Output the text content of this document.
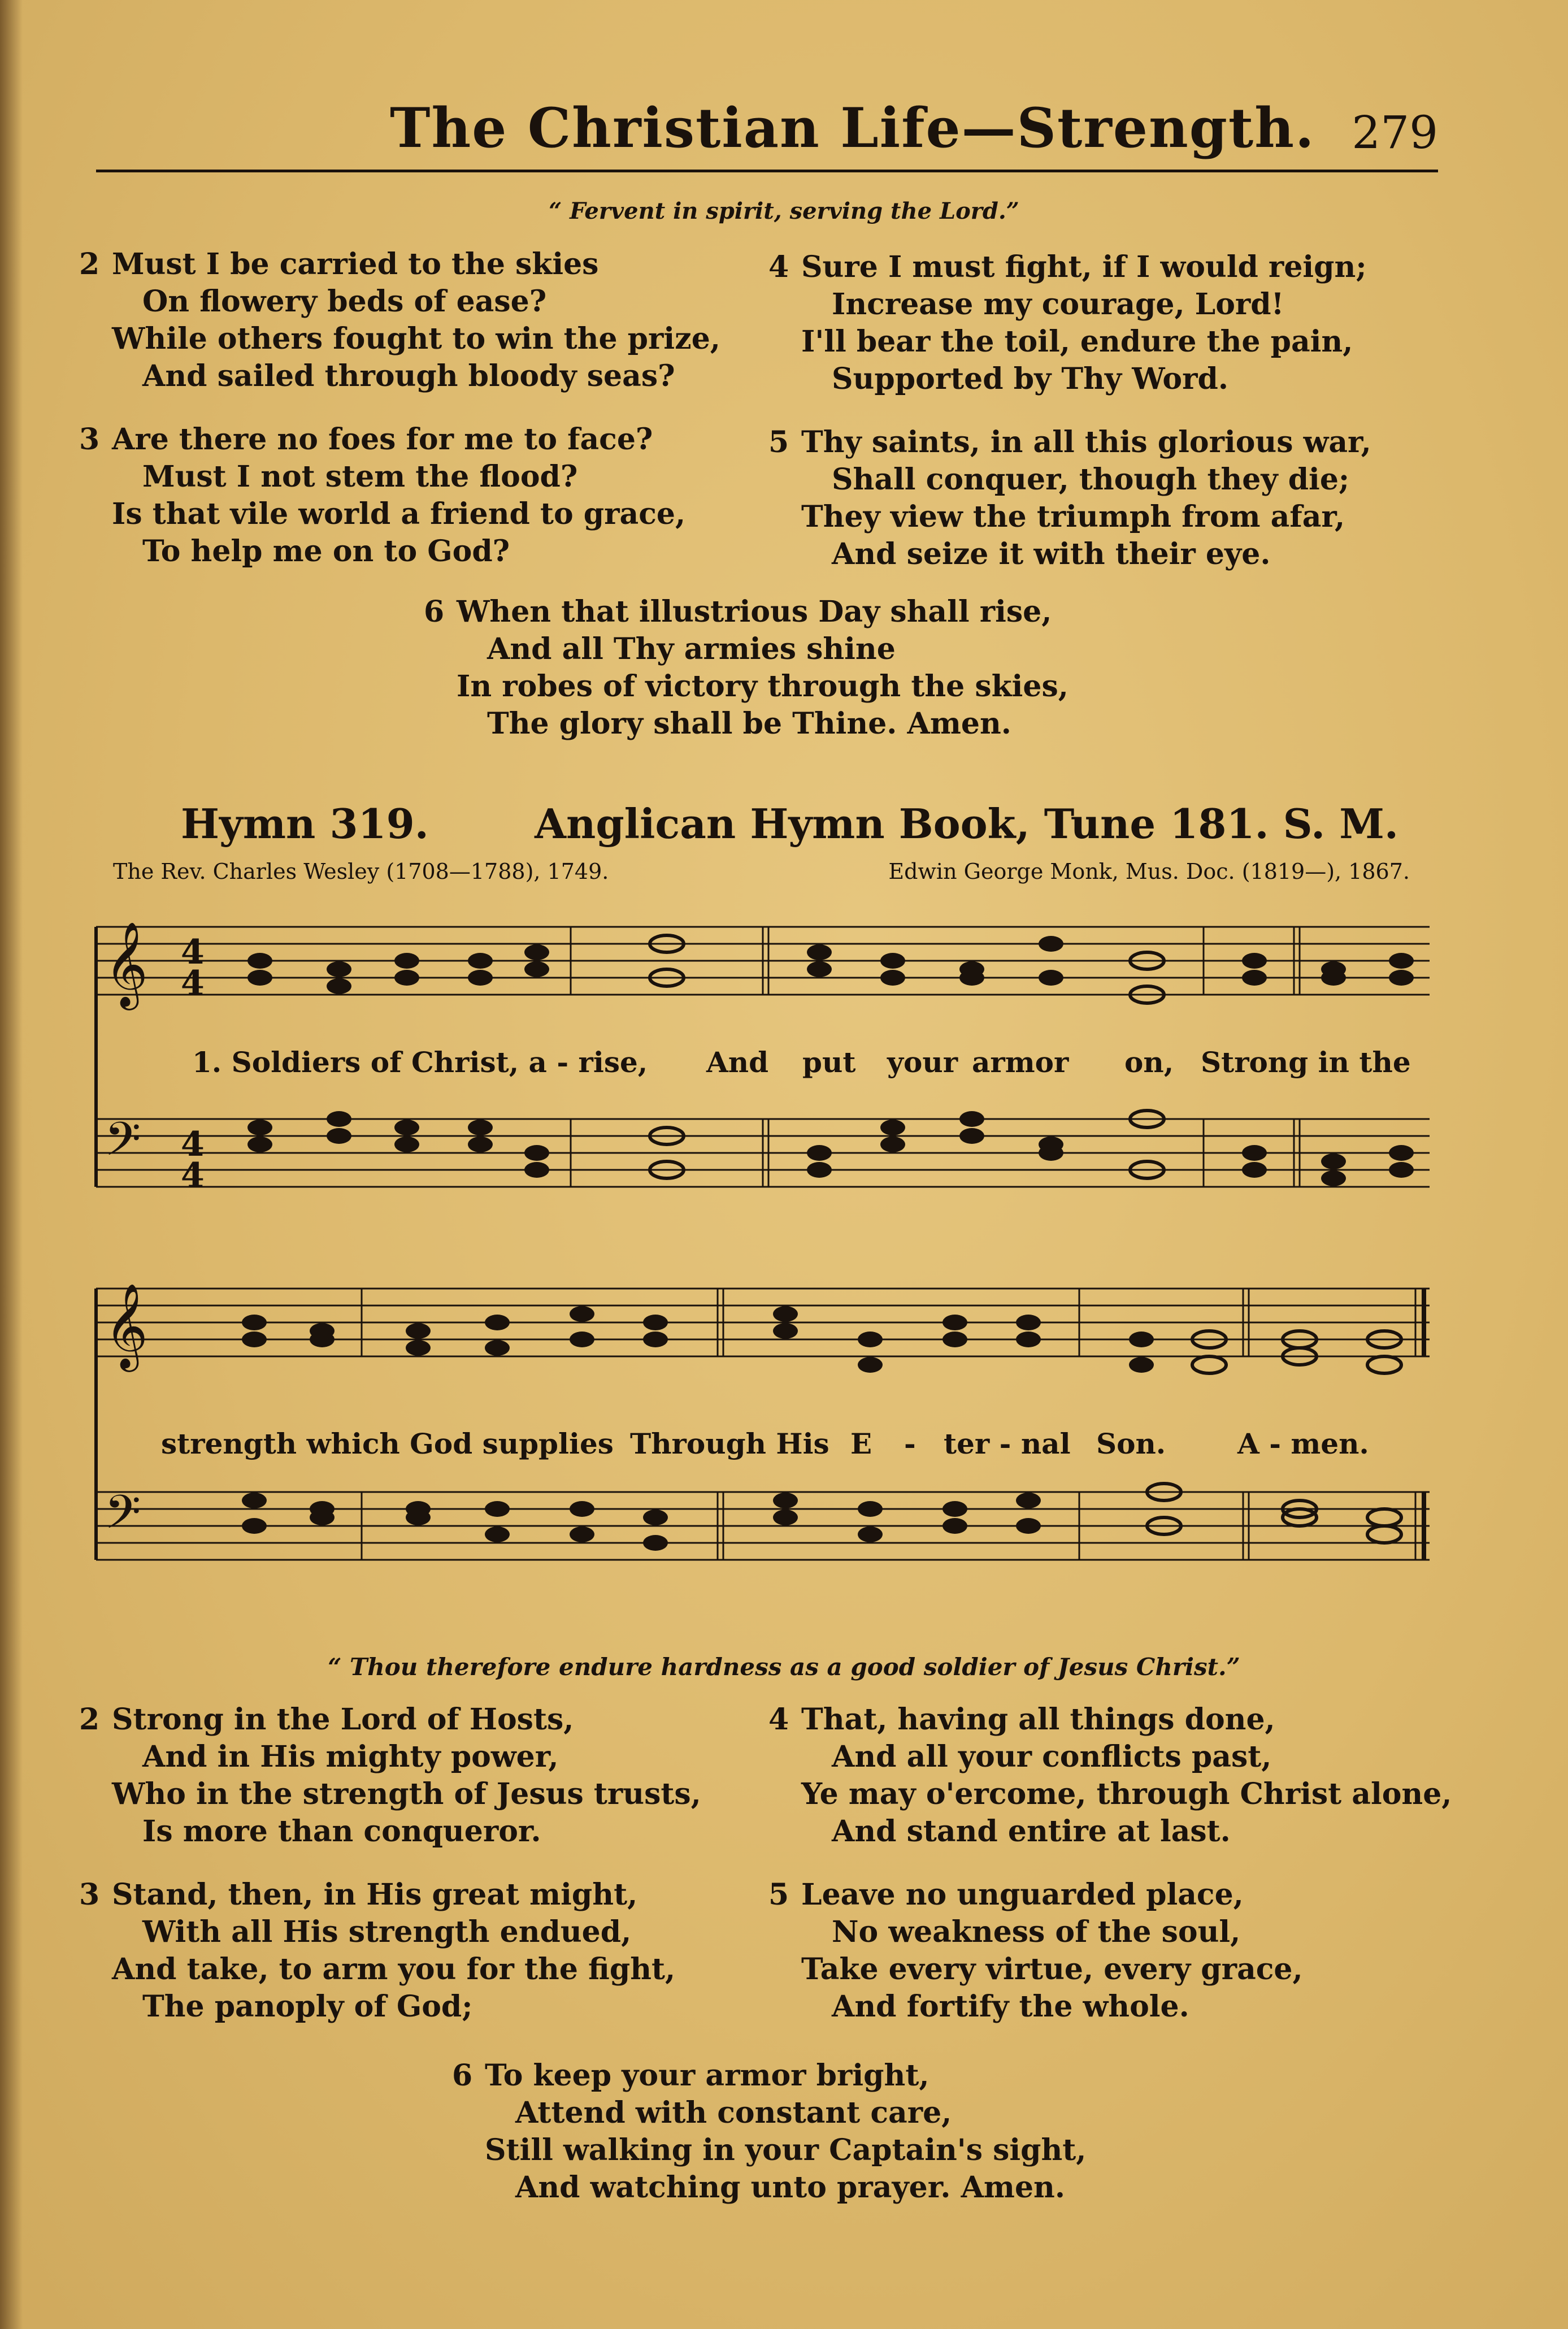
The Christian Life—Strength. 279
“ Fervent in spirit, serving the Lord.”
2 Must I be carried to the skies
On flowery beds of ease?
While others fought to win the prize,
And sailed through bloody seas?
3 Are there no foes for me to face?
Must I not stem the flood?
Is that vile world a friend to grace,
To help me on to God?
4 Sure I must fight, if I would reign;
Increase my courage, Lord!
I'll bear the toil, endure the pain,
Supported by Thy Word.
5 Thy saints, in all this glorious war,
Shall conquer, though they die;
They view the triumph from afar,
And seize it with their eye.
6 When that illustrious Day shall rise,
And all Thy armies shine
In robes of victory through the skies,
The glory shall be Thine. Amen.
Hymn 319.	Anglican Hymn Book, Tune 181. S. M.
The Rev. Charles Wesley (1708—1788), 1749.	Edwin George Monk, Mus. Doc. (1819—), 1867.
𝄞
𝄢
4
4
4
4
1. Soldiers of Christ, a - rise, And put your armor on, Strong in the
𝄞
𝄢
strength which God supplies Through His E - ter - nal Son.	A - men.
“ Thou therefore endure hardness as a good soldier of Jesus Christ.”
2 Strong in the Lord of Hosts,
And in His mighty power,
Who in the strength of Jesus trusts,
Is more than conqueror.
3 Stand, then, in His great might,
With all His strength endued,
And take, to arm you for the fight,
The panoply of God;
4 That, having all things done,
And all your conflicts past,
Ye may o'ercome, through Christ alone,
And stand entire at last.
5 Leave no unguarded place,
No weakness of the soul,
Take every virtue, every grace,
And fortify the whole.
6 To keep your armor bright,
Attend with constant care,
Still walking in your Captain's sight,
And watching unto prayer. Amen.
